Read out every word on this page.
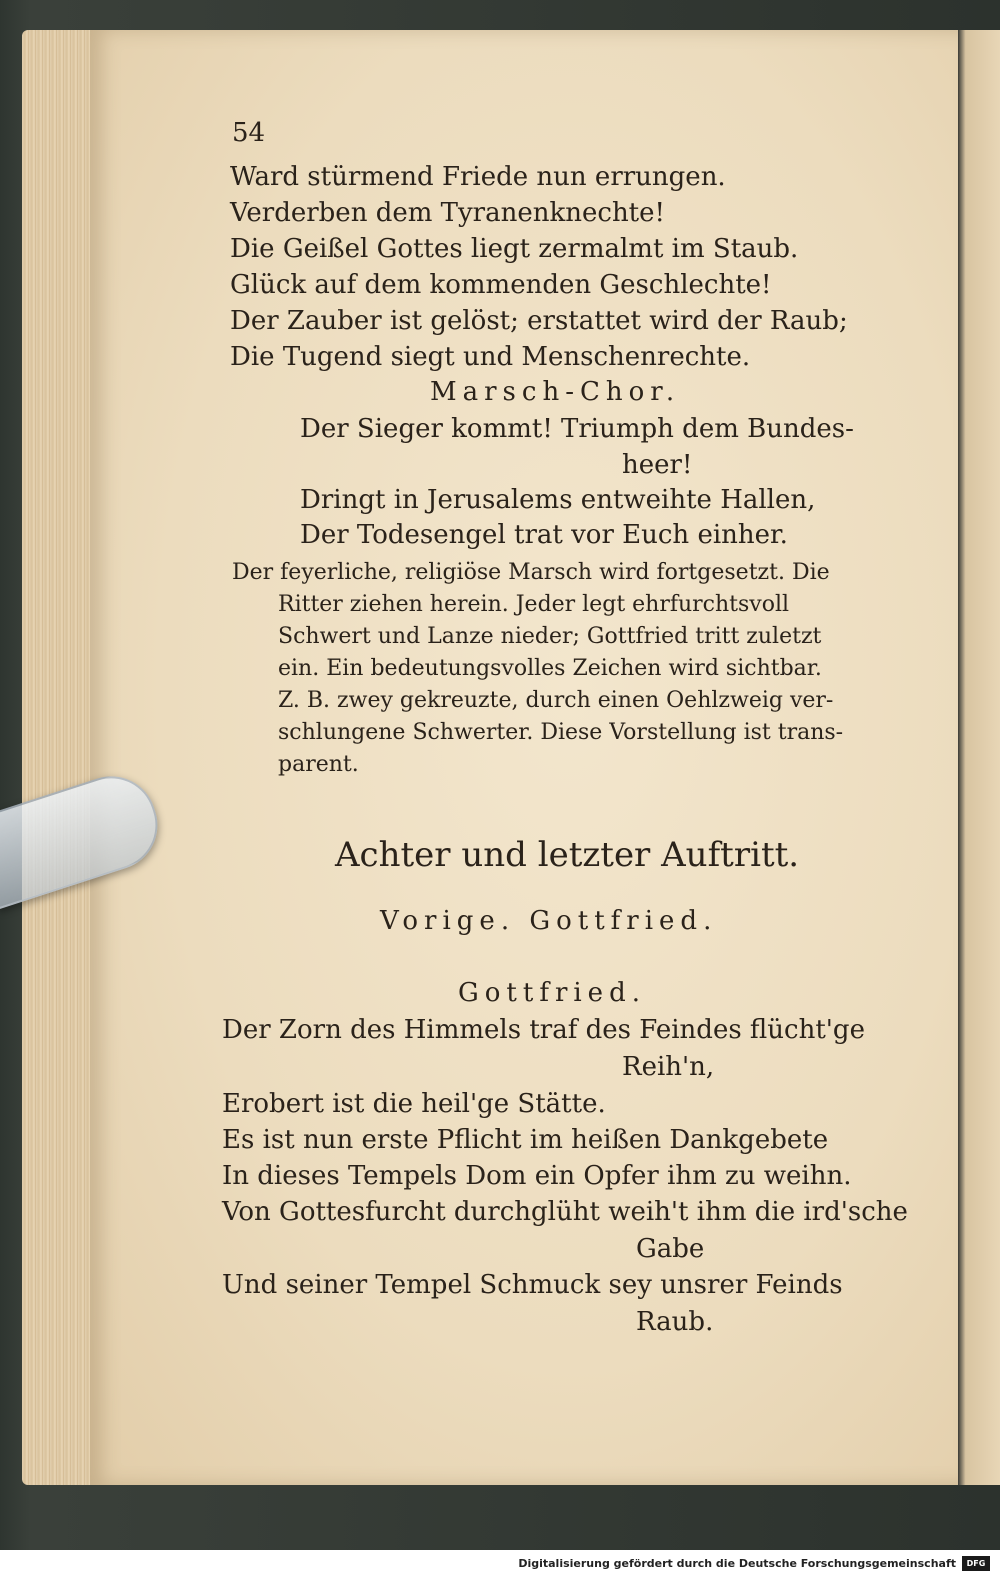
54
Ward stürmend Friede nun errungen.
Verderben dem Tyranenknechte!
Die Geißel Gottes liegt zermalmt im Staub.
Glück auf dem kommenden Geschlechte!
Der Zauber ist gelöst; erstattet wird der Raub;
Die Tugend siegt und Menschenrechte.
Marsch-Chor.
Der Sieger kommt! Triumph dem Bundes-
heer!
Dringt in Jerusalems entweihte Hallen,
Der Todesengel trat vor Euch einher.
Der feyerliche, religiöse Marsch wird fortgesetzt. Die
Ritter ziehen herein. Jeder legt ehrfurchtsvoll
Schwert und Lanze nieder; Gottfried tritt zuletzt
ein. Ein bedeutungsvolles Zeichen wird sichtbar.
Z. B. zwey gekreuzte, durch einen Oehlzweig ver-
schlungene Schwerter. Diese Vorstellung ist trans-
parent.
Achter und letzter Auftritt.
Vorige. Gottfried.
Gottfried.
Der Zorn des Himmels traf des Feindes flücht'ge
Reih'n,
Erobert ist die heil'ge Stätte.
Es ist nun erste Pflicht im heißen Dankgebete
In dieses Tempels Dom ein Opfer ihm zu weihn.
Von Gottesfurcht durchglüht weih't ihm die ird'sche
Gabe
Und seiner Tempel Schmuck sey unsrer Feinds
Raub.
Digitalisierung gefördert durch die Deutsche Forschungsgemeinschaft	DFG
